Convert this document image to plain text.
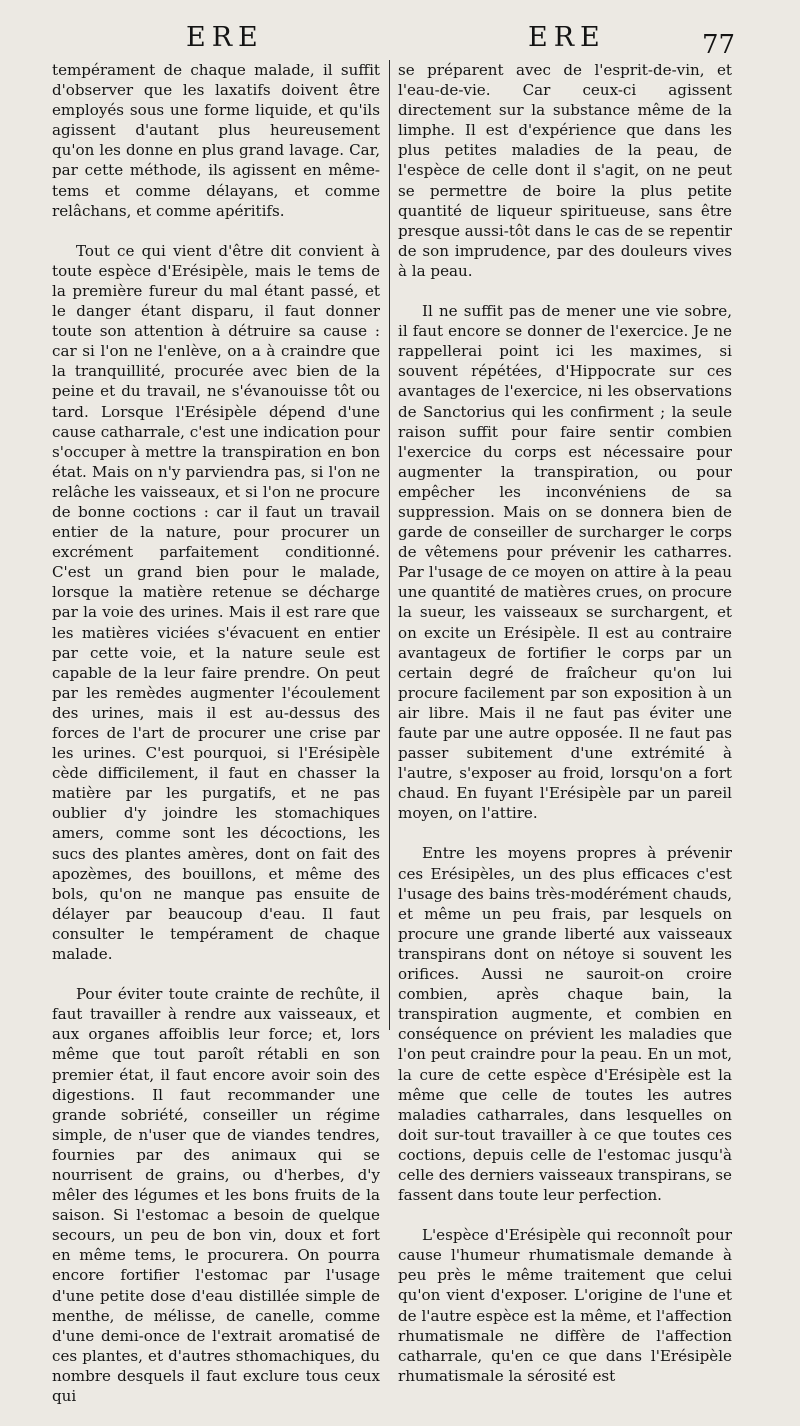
ERE	ERE	77

tempérament de chaque malade, il suffit d'observer que les laxatifs doivent être employés sous une forme liquide, et qu'ils agissent d'autant plus heureusement qu'on les donne en plus grand lavage. Car, par cette méthode, ils agissent en même-tems et comme délayans, et comme relâchans, et comme apéritifs.

Tout ce qui vient d'être dit convient à toute espèce d'Erésipèle, mais le tems de la première fureur du mal étant passé, et le danger étant disparu, il faut donner toute son attention à détruire sa cause : car si l'on ne l'enlève, on a à craindre que la tranquillité, procurée avec bien de la peine et du travail, ne s'évanouisse tôt ou tard. Lorsque l'Erésipèle dépend d'une cause catharrale, c'est une indication pour s'occuper à mettre la transpiration en bon état. Mais on n'y parviendra pas, si l'on ne relâche les vaisseaux, et si l'on ne procure de bonne coctions : car il faut un travail entier de la nature, pour procurer un excrément parfaitement conditionné. C'est un grand bien pour le malade, lorsque la matière retenue se décharge par la voie des urines. Mais il est rare que les matières viciées s'évacuent en entier par cette voie, et la nature seule est capable de la leur faire prendre. On peut par les remèdes augmenter l'écoulement des urines, mais il est au-dessus des forces de l'art de procurer une crise par les urines. C'est pourquoi, si l'Erésipèle cède difficilement, il faut en chasser la matière par les purgatifs, et ne pas oublier d'y joindre les stomachiques amers, comme sont les décoctions, les sucs des plantes amères, dont on fait des apozèmes, des bouillons, et même des bols, qu'on ne manque pas ensuite de délayer par beaucoup d'eau. Il faut consulter le tempérament de chaque malade.

Pour éviter toute crainte de rechûte, il faut travailler à rendre aux vaisseaux, et aux organes affoiblis leur force; et, lors même que tout paroît rétabli en son premier état, il faut encore avoir soin des digestions. Il faut recommander une grande sobriété, conseiller un régime simple, de n'user que de viandes tendres, fournies par des animaux qui se nourrisent de grains, ou d'herbes, d'y mêler des légumes et les bons fruits de la saison. Si l'estomac a besoin de quelque secours, un peu de bon vin, doux et fort en même tems, le procurera. On pourra encore fortifier l'estomac par l'usage d'une petite dose d'eau distillée simple de menthe, de mélisse, de canelle, comme d'une demi-once de l'extrait aromatisé de ces plantes, et d'autres sthomachiques, du nombre desquels il faut exclure tous ceux qui

se préparent avec de l'esprit-de-vin, et l'eau-de-vie. Car ceux-ci agissent directement sur la substance même de la limphe. Il est d'expérience que dans les plus petites maladies de la peau, de l'espèce de celle dont il s'agit, on ne peut se permettre de boire la plus petite quantité de liqueur spiritueuse, sans être presque aussi-tôt dans le cas de se repentir de son imprudence, par des douleurs vives à la peau.

Il ne suffit pas de mener une vie sobre, il faut encore se donner de l'exercice. Je ne rappellerai point ici les maximes, si souvent répétées, d'Hippocrate sur ces avantages de l'exercice, ni les observations de Sanctorius qui les confirment ; la seule raison suffit pour faire sentir combien l'exercice du corps est nécessaire pour augmenter la transpiration, ou pour empêcher les inconvéniens de sa suppression. Mais on se donnera bien de garde de conseiller de surcharger le corps de vêtemens pour prévenir les catharres. Par l'usage de ce moyen on attire à la peau une quantité de matières crues, on procure la sueur, les vaisseaux se surchargent, et on excite un Erésipèle. Il est au contraire avantageux de fortifier le corps par un certain degré de fraîcheur qu'on lui procure facilement par son exposition à un air libre. Mais il ne faut pas éviter une faute par une autre opposée. Il ne faut pas passer subitement d'une extrémité à l'autre, s'exposer au froid, lorsqu'on a fort chaud. En fuyant l'Erésipèle par un pareil moyen, on l'attire.

Entre les moyens propres à prévenir ces Erésipèles, un des plus efficaces c'est l'usage des bains très-modérément chauds, et même un peu frais, par lesquels on procure une grande liberté aux vaisseaux transpirans dont on nétoye si souvent les orifices. Aussi ne sauroit-on croire combien, après chaque bain, la transpiration augmente, et combien en conséquence on prévient les maladies que l'on peut craindre pour la peau. En un mot, la cure de cette espèce d'Erésipèle est la même que celle de toutes les autres maladies catharrales, dans lesquelles on doit sur-tout travailler à ce que toutes ces coctions, depuis celle de l'estomac jusqu'à celle des derniers vaisseaux transpirans, se fassent dans toute leur perfection.

L'espèce d'Erésipèle qui reconnoît pour cause l'humeur rhumatismale demande à peu près le même traitement que celui qu'on vient d'exposer. L'origine de l'une et de l'autre espèce est la même, et l'affection rhumatismale ne diffère de l'affection catharrale, qu'en ce que dans l'Erésipèle rhumatismale la sérosité est
